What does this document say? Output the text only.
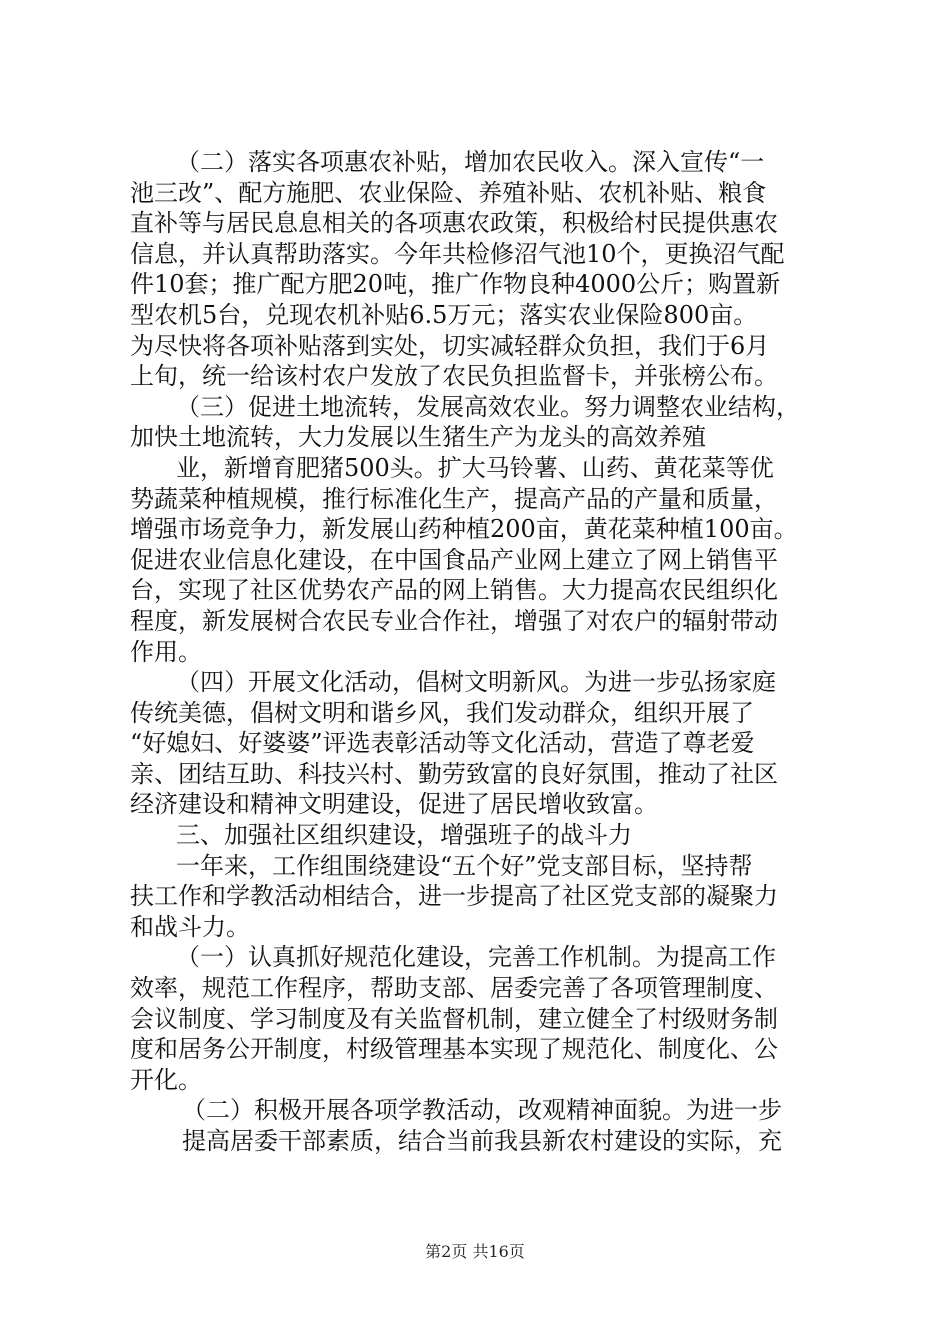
（二）落实各项惠农补贴，增加农民收入。深入宣传“一
池三改”、配方施肥、农业保险、养殖补贴、农机补贴、粮食
直补等与居民息息相关的各项惠农政策，积极给村民提供惠农
信息，并认真帮助落实。今年共检修沼气池10个，更换沼气配
件10套；推广配方肥20吨，推广作物良种4000公斤；购置新
型农机5台，兑现农机补贴6.5万元；落实农业保险800亩。
为尽快将各项补贴落到实处，切实减轻群众负担，我们于6月
上旬，统一给该村农户发放了农民负担监督卡，并张榜公布。
（三）促进土地流转，发展高效农业。努力调整农业结构，
加快土地流转，大力发展以生猪生产为龙头的高效养殖
业，新增育肥猪500头。扩大马铃薯、山药、黄花菜等优
势蔬菜种植规模，推行标准化生产，提高产品的产量和质量，
增强市场竞争力，新发展山药种植200亩，黄花菜种植100亩。
促进农业信息化建设，在中国食品产业网上建立了网上销售平
台，实现了社区优势农产品的网上销售。大力提高农民组织化
程度，新发展树合农民专业合作社，增强了对农户的辐射带动
作用。
（四）开展文化活动，倡树文明新风。为进一步弘扬家庭
传统美德，倡树文明和谐乡风，我们发动群众，组织开展了
“好媳妇、好婆婆”评选表彰活动等文化活动，营造了尊老爱
亲、团结互助、科技兴村、勤劳致富的良好氛围，推动了社区
经济建设和精神文明建设，促进了居民增收致富。
三、加强社区组织建设，增强班子的战斗力
一年来，工作组围绕建设“五个好”党支部目标，坚持帮
扶工作和学教活动相结合，进一步提高了社区党支部的凝聚力
和战斗力。
（一）认真抓好规范化建设，完善工作机制。为提高工作
效率，规范工作程序，帮助支部、居委完善了各项管理制度、
会议制度、学习制度及有关监督机制，建立健全了村级财务制
度和居务公开制度，村级管理基本实现了规范化、制度化、公
开化。
（二）积极开展各项学教活动，改观精神面貌。为进一步
提高居委干部素质，结合当前我县新农村建设的实际，充
第2页 共16页
